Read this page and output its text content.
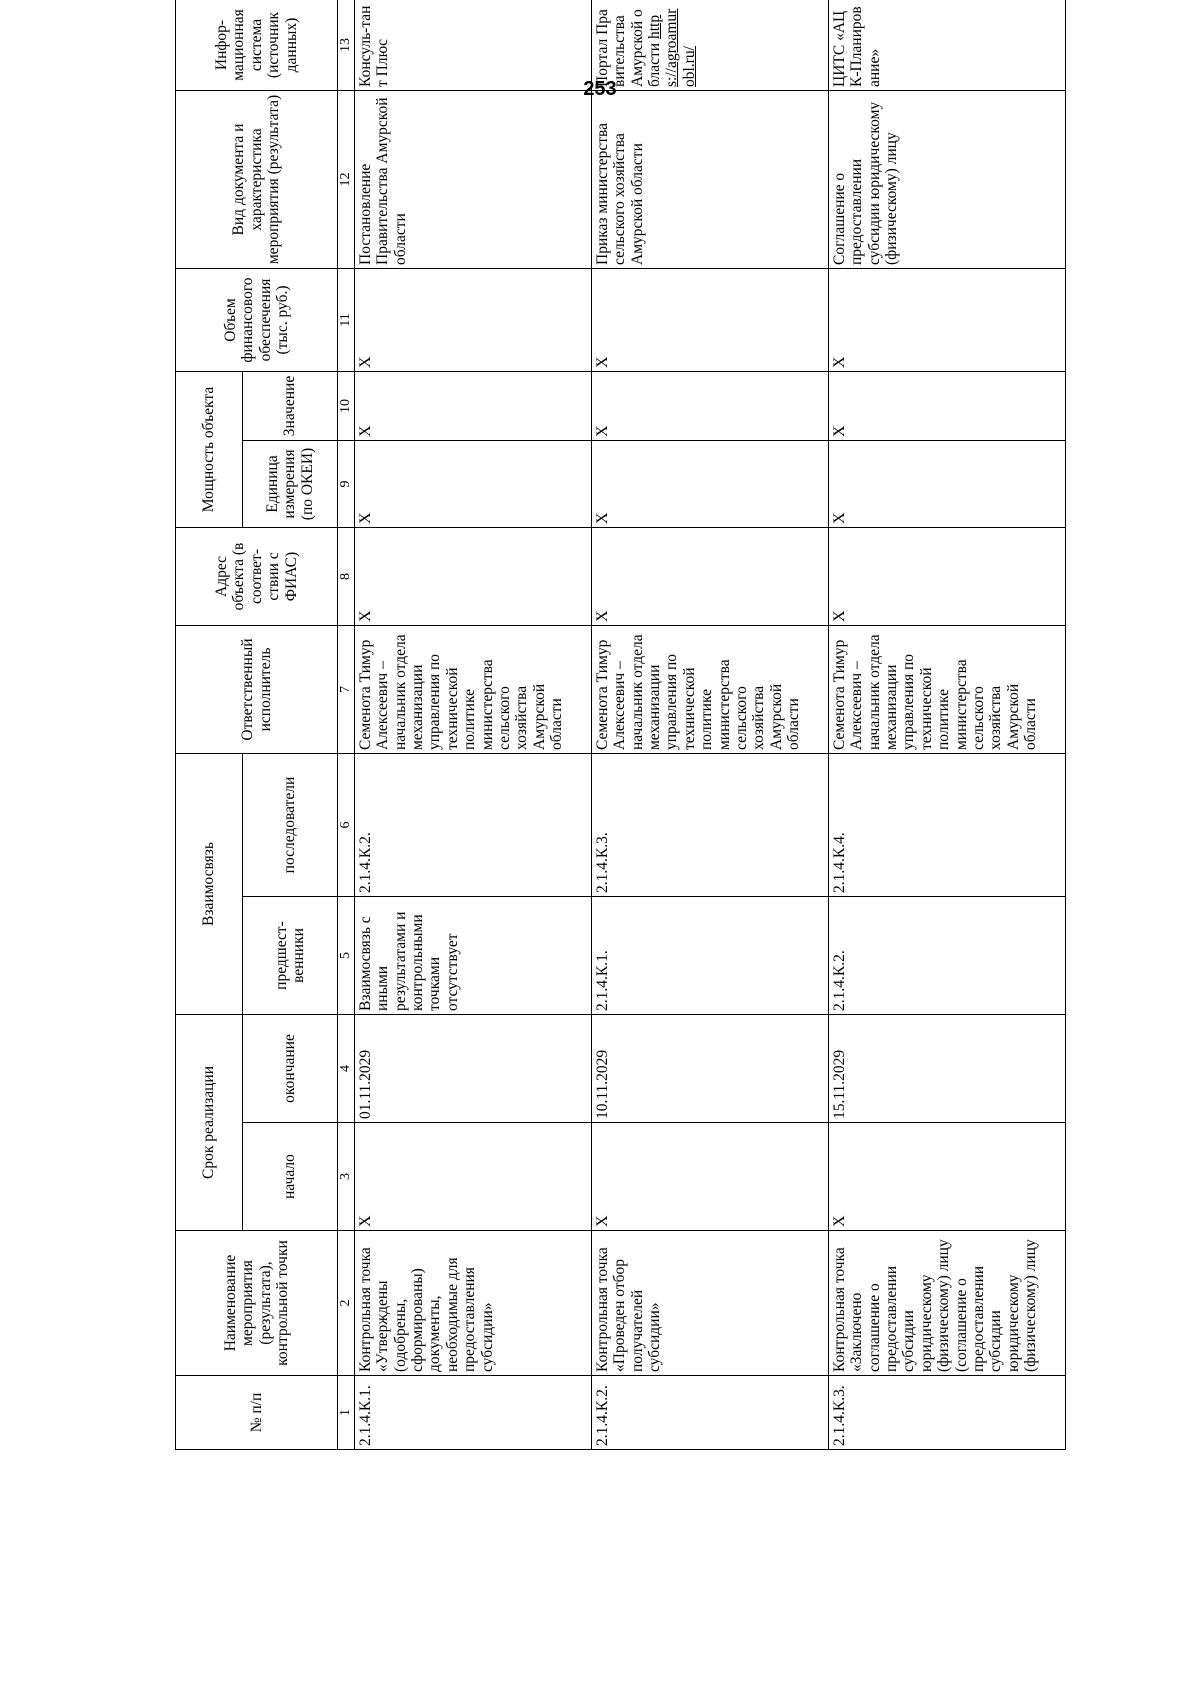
253
№ п/п	Наименование мероприятия (результата), контрольной точки	Срок реализации		Взаимосвязь		Ответственный исполнитель	Адрес объекта (в соответ-ствии с ФИАС)	Мощность объекта		Объем финансового обеспечения (тыс. руб.)	Вид документа и характеристика мероприятия (результата)	Инфор-мационная система (источник данных)
		начало	окончание	предшест-венники	последователи			Единица измерения (по ОКЕИ)	Значение			
1	2	3	4	5	6	7	8	9	10	11	12	13
2.1.4.К.1.	Контрольная точка «Утверждены (одобрены, сформированы) документы, необходимые для предоставления субсидии»	X	01.11.2029	Взаимосвязь с иными результатами и контрольными точками отсутствует	2.1.4.К.2.	Семенота Тимур Алексеевич – начальник отдела механизации управления по технической политике министерства сельского хозяйства Амурской области	X	X	X	X	Постановление Правительства Амурской области	Консуль-тант Плюс
2.1.4.К.2.	Контрольная точка «Проведен отбор получателей субсидии»	X	10.11.2029	2.1.4.К.1.	2.1.4.К.3.	Семенота Тимур Алексеевич – начальник отдела механизации управления по технической политике министерства сельского хозяйства Амурской области	X	X	X	X	Приказ министерства сельского хозяйства Амурской области	Портал Правительства Амурской области https://agroamurobl.ru/
2.1.4.К.3.	Контрольная точка «Заключено соглашение о предоставлении субсидии юридическому (физическому) лицу (соглашение о предоставлении субсидии юридическому (физическому) лицу	X	15.11.2029	2.1.4.К.2.	2.1.4.К.4.	Семенота Тимур Алексеевич – начальник отдела механизации управления по технической политике министерства сельского хозяйства Амурской области	X	X	X	X	Соглашение о предоставлении субсидии юридическому (физическому) лицу	ЦИТС «АЦК-Планирование»
